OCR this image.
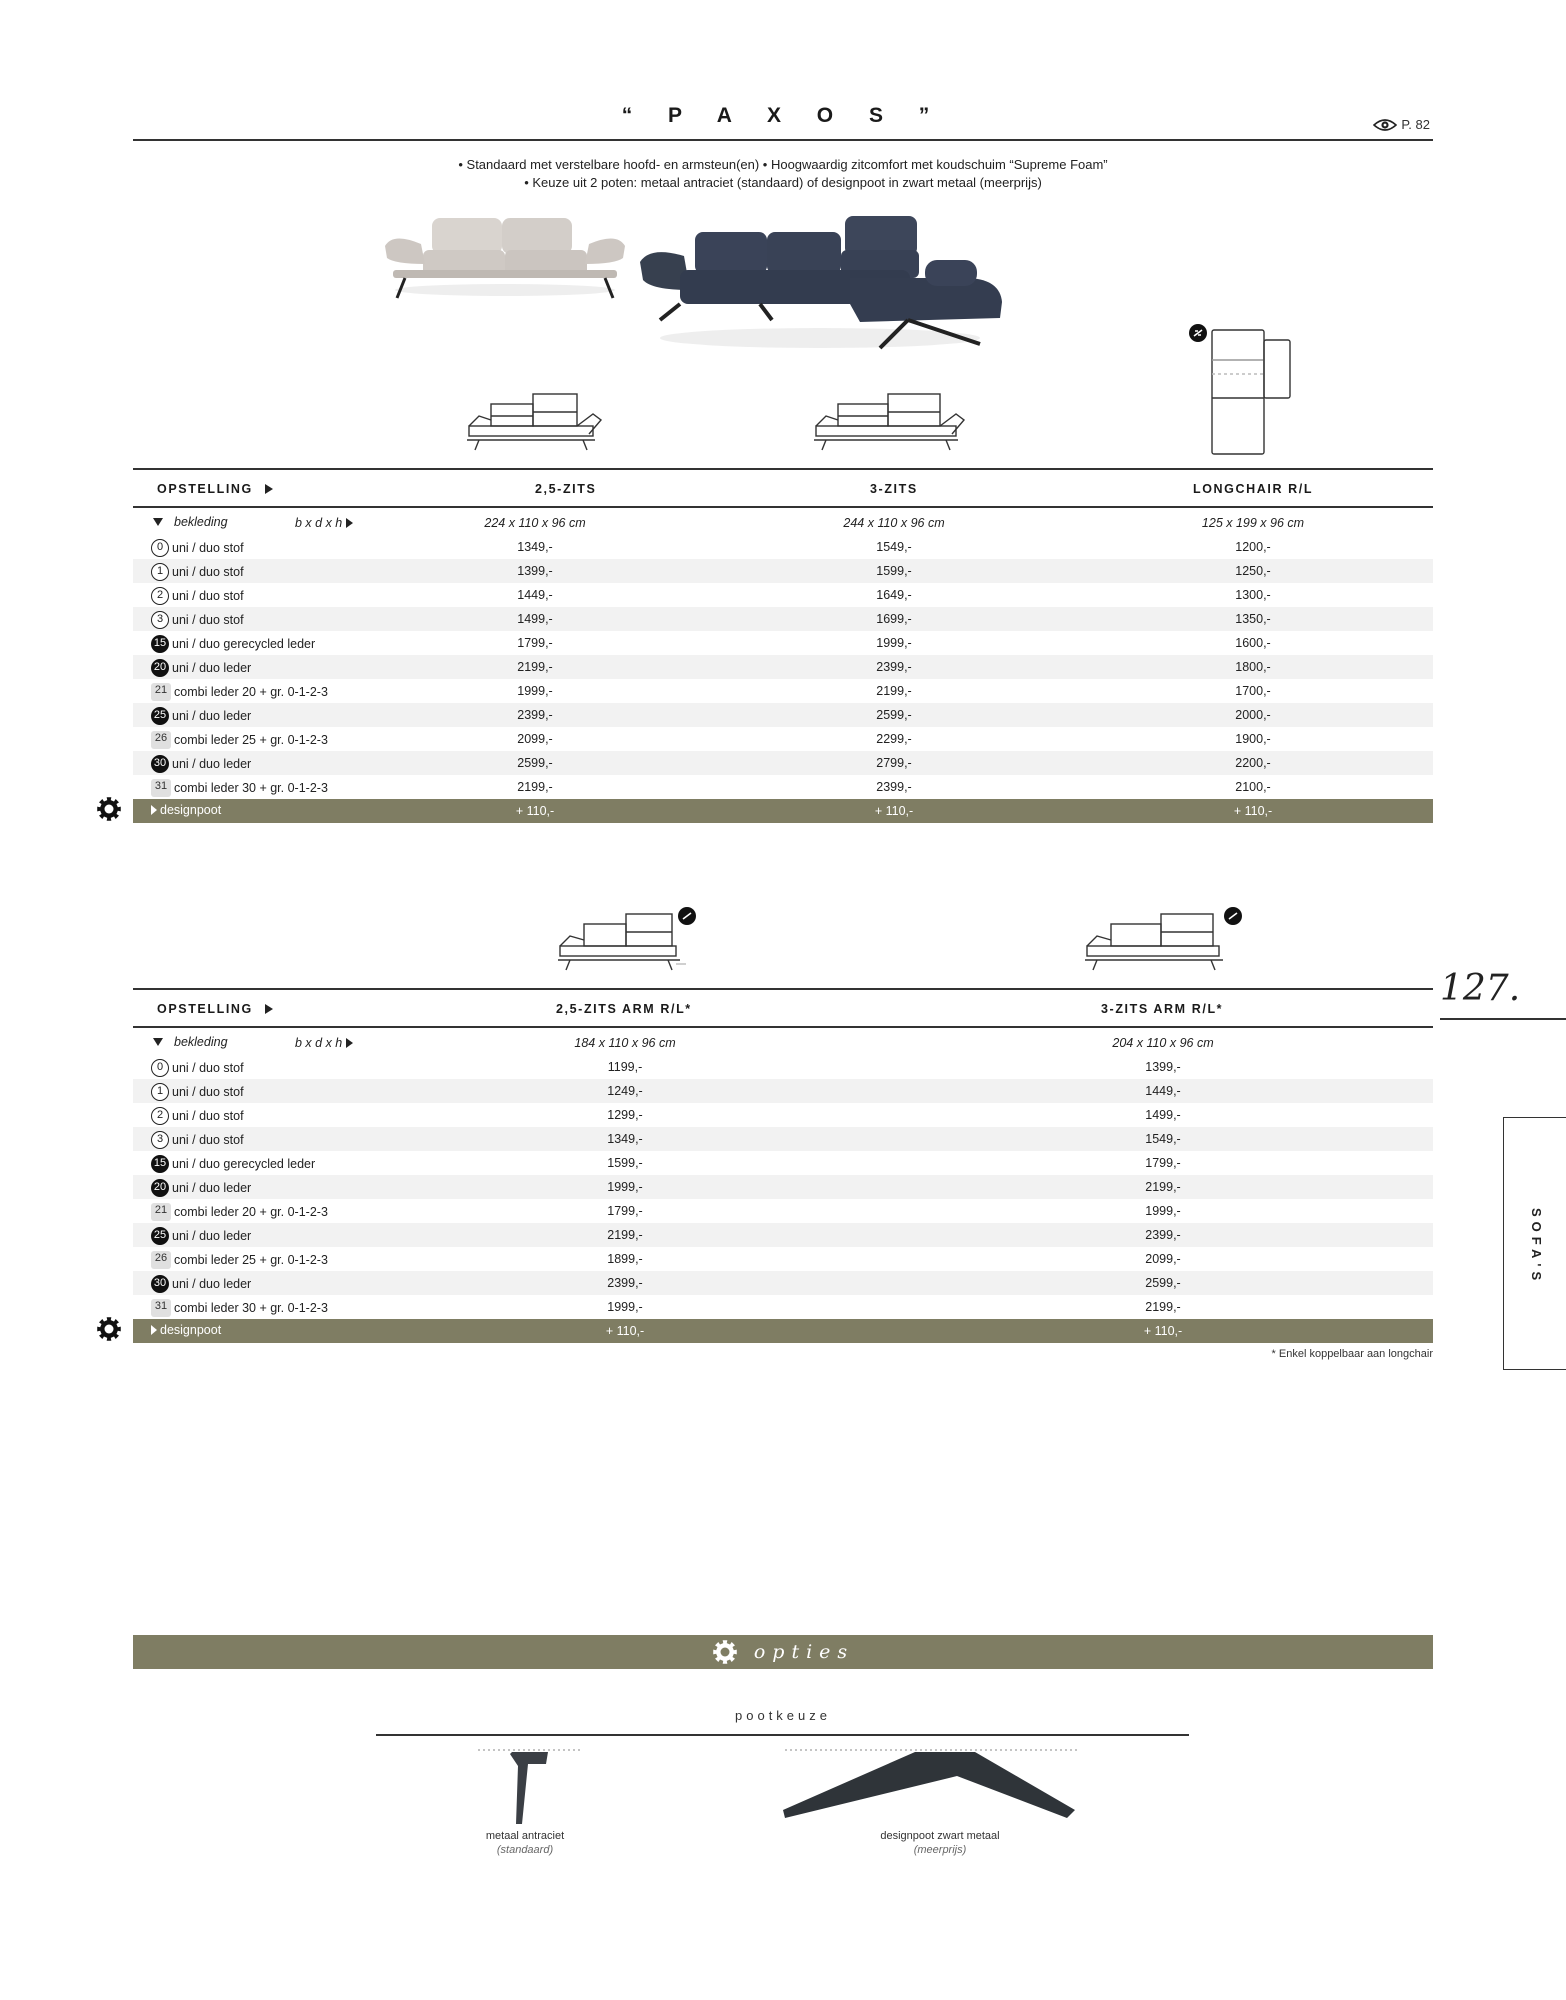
“ P A X O S ”	P. 82
• Standaard met verstelbare hoofd- en armsteun(en) • Hoogwaardig zitcomfort met koudschuim “Supreme Foam”
• Keuze uit 2 poten: metaal antraciet (standaard) of designpoot in zwart metaal (meerprijs)
OPSTELLING	2,5-ZITS	3-ZITS	LONGCHAIR R/L
bekleding	b x d x h	224 x 110 x 96 cm	244 x 110 x 96 cm	125 x 199 x 96 cm
0 uni / duo stof	1349,-	1549,-	1200,-
1 uni / duo stof	1399,-	1599,-	1250,-
2 uni / duo stof	1449,-	1649,-	1300,-
3 uni / duo stof	1499,-	1699,-	1350,-
15 uni / duo gerecycled leder	1799,-	1999,-	1600,-
20 uni / duo leder	2199,-	2399,-	1800,-
21 combi leder 20 + gr. 0-1-2-3	1999,-	2199,-	1700,-
25 uni / duo leder	2399,-	2599,-	2000,-
26 combi leder 25 + gr. 0-1-2-3	2099,-	2299,-	1900,-
30 uni / duo leder	2599,-	2799,-	2200,-
31 combi leder 30 + gr. 0-1-2-3	2199,-	2399,-	2100,-
designpoot	+ 110,-	+ 110,-	+ 110,-
127.
SOFA'S
OPSTELLING	2,5-ZITS ARM R/L*	3-ZITS ARM R/L*
bekleding	b x d x h	184 x 110 x 96 cm	204 x 110 x 96 cm
0 uni / duo stof	1199,-	1399,-
1 uni / duo stof	1249,-	1449,-
2 uni / duo stof	1299,-	1499,-
3 uni / duo stof	1349,-	1549,-
15 uni / duo gerecycled leder	1599,-	1799,-
20 uni / duo leder	1999,-	2199,-
21 combi leder 20 + gr. 0-1-2-3	1799,-	1999,-
25 uni / duo leder	2199,-	2399,-
26 combi leder 25 + gr. 0-1-2-3	1899,-	2099,-
30 uni / duo leder	2399,-	2599,-
31 combi leder 30 + gr. 0-1-2-3	1999,-	2199,-
designpoot	+ 110,-	+ 110,-
* Enkel koppelbaar aan longchair
opties
pootkeuze
metaal antraciet
(standaard)
designpoot zwart metaal
(meerprijs)
